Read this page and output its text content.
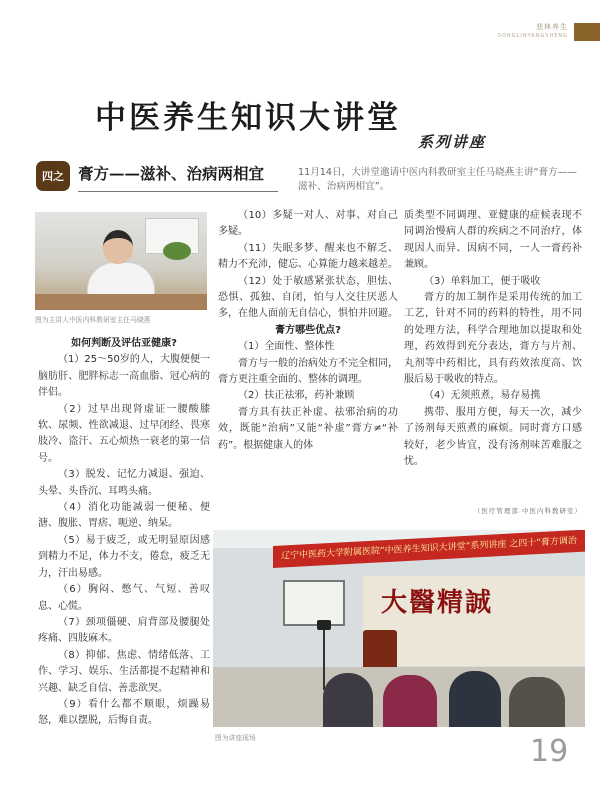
悲林养生
SONGLINYANGSHENG
中医养生知识大讲堂
系列讲座
四之 膏方——滋补、治病两相宜	11月14日，大讲堂邀请中医内科教研室主任马晓燕主讲“膏方——滋补、治病两相宜”。
图为主讲人中医内科教研室主任马晓燕
如何判断及评估亚健康?

（1）25～50岁的人，大腹便便一脑肪肝、肥胖标志一高血脂、冠心病的伴侣。

（2）过早出现肾虚证一腰酸膝软、尿频、性欲减退、过早闭经、畏寒肢冷、盗汗、五心烦热一衰老的第一信号。

（3）脱发、记忆力减退、强迫、头晕、头昏沉、耳鸣头痛。

（4）消化功能减弱一便秘、便溏、腹胀、胃痞、呃逆、纳呆。

（5）易于疲乏，或无明显原因感到精力不足，体力不支，倦怠，疲乏无力，汗出易感。

（6）胸闷、憋气、气短、善叹息、心慌。

（7）颈项僵硬、肩背部及腰腿处疼痛、四肢麻木。

（8）抑郁、焦虑、情绪低落、工作、学习、娱乐、生活都提不起精神和兴趣、缺乏自信、善悲欲哭。

（9）看什么都不顺眼，烦躁易怒，难以摆脱，后悔自责。

（10）多疑一对人、对事、对自己多疑。

（11）失眠多梦、醒来也不解乏、精力不充沛，健忘、心算能力越来越差。

（12）处于敏感紧张状态，胆怯、恐惧、孤独、自闭，怕与人交往厌恶人多，在他人面前无自信心，惧怕并回避。

膏方哪些优点?

（1）全面性、整体性

膏方与一般的治病处方不完全相同，膏方更注重全面的、整体的调理。

（2）扶正祛邪，药补兼顾

膏方具有扶正补虚、祛邪治病的功效，既能“治病”又能“补虚”膏方≠“补药”。根据健康人的体

质类型不同调理、亚健康的症候表现不同调治慢病人群的疾病之不同治疗，体现因人而异、因病不同，一人一膏药补兼顾。

（3）单料加工，便于吸收

膏方的加工制作是采用传统的加工工艺，针对不同的药料的特性，用不同的处理方法，科学合理地加以提取和处理，药效得到充分表达，膏方与片剂、丸剂等中药相比，具有药效浓度高、饮服后易于吸收的特点。

（4）无须煎煮，易存易携

携带、服用方便，每天一次，减少了汤剂每天煎煮的麻烦。同时膏方口感较好，老少皆宜，没有汤剂味苦难服之忧。

（医疗管理部 中医内科教研室）
辽宁中医药大学附属医院“中医养生知识大讲堂”系列讲座 之四十“膏方调治
大醫精誠
图为讲座现场	19
